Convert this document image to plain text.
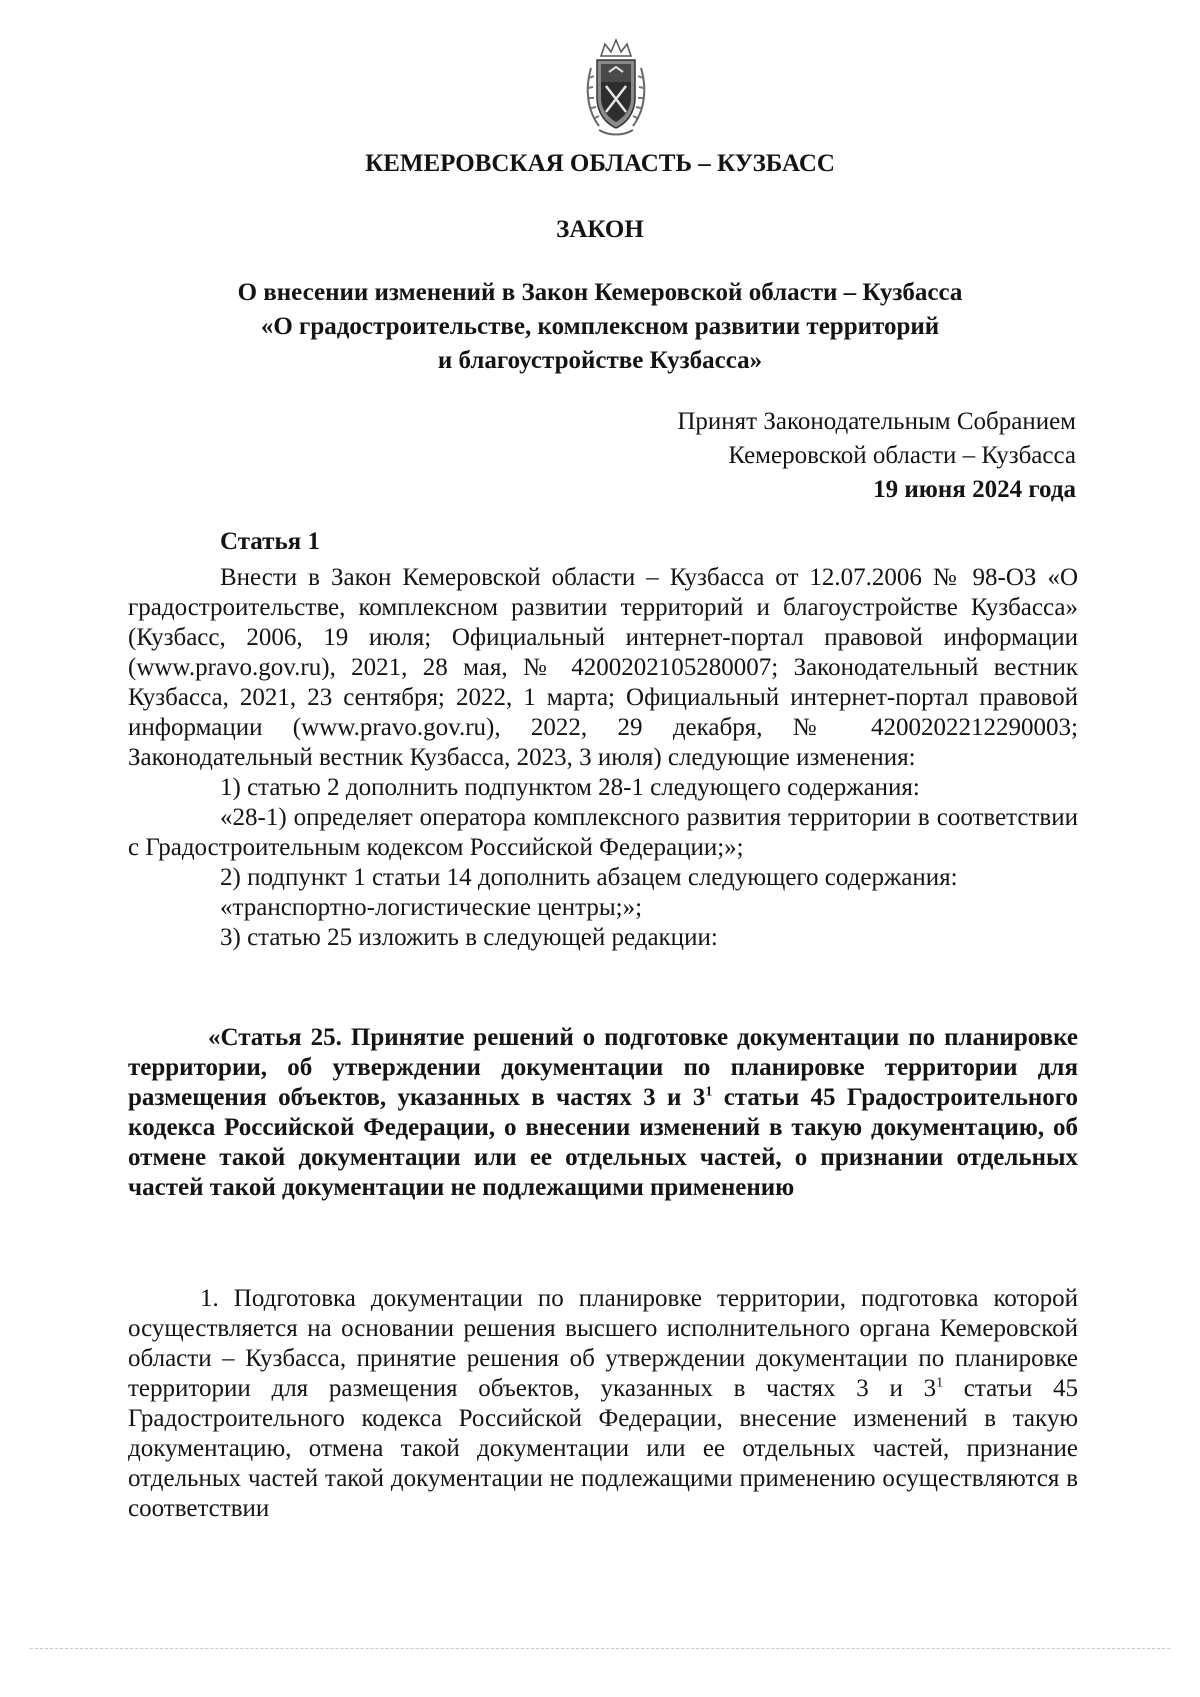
КЕМЕРОВСКАЯ ОБЛАСТЬ – КУЗБАСС
ЗАКОН
О внесении изменений в Закон Кемеровской области – Кузбасса
«О градостроительстве, комплексном развитии территорий
и благоустройстве Кузбасса»
Принят Законодательным Собранием
Кемеровской области – Кузбасса
19 июня 2024 года
Статья 1

Внести в Закон Кемеровской области – Кузбасса от 12.07.2006 № 98-ОЗ «О градостроительстве, комплексном развитии территорий и благоустройстве Кузбасса» (Кузбасс, 2006, 19 июля; Официальный интернет-портал правовой информации (www.pravo.gov.ru), 2021, 28 мая, № 4200202105280007; Законодательный вестник Кузбасса, 2021, 23 сентября; 2022, 1 марта; Официальный интернет-портал правовой информации (www.pravo.gov.ru), 2022, 29 декабря, № 4200202212290003; Законодательный вестник Кузбасса, 2023, 3 июля) следующие изменения:

1) статью 2 дополнить подпунктом 28-1 следующего содержания:

«28-1) определяет оператора комплексного развития территории в соответствии с Градостроительным кодексом Российской Федерации;»;

2) подпункт 1 статьи 14 дополнить абзацем следующего содержания:

«транспортно-логистические центры;»;

3) статью 25 изложить в следующей редакции:

«Статья 25. Принятие решений о подготовке документации по планировке территории, об утверждении документации по планировке территории для размещения объектов, указанных в частях 3 и $3^1$ статьи 45 Градостроительного кодекса Российской Федерации, о внесении изменений в такую документацию, об отмене такой документации или ее отдельных частей, о признании отдельных частей такой документации не подлежащими применению

1. Подготовка документации по планировке территории, подготовка которой осуществляется на основании решения высшего исполнительного органа Кемеровской области – Кузбасса, принятие решения об утверждении документации по планировке территории для размещения объектов, указанных в частях 3 и $3^1$ статьи 45 Градостроительного кодекса Российской Федерации, внесение изменений в такую документацию, отмена такой документации или ее отдельных частей, признание отдельных частей такой документации не подлежащими применению осуществляются в соответствии
